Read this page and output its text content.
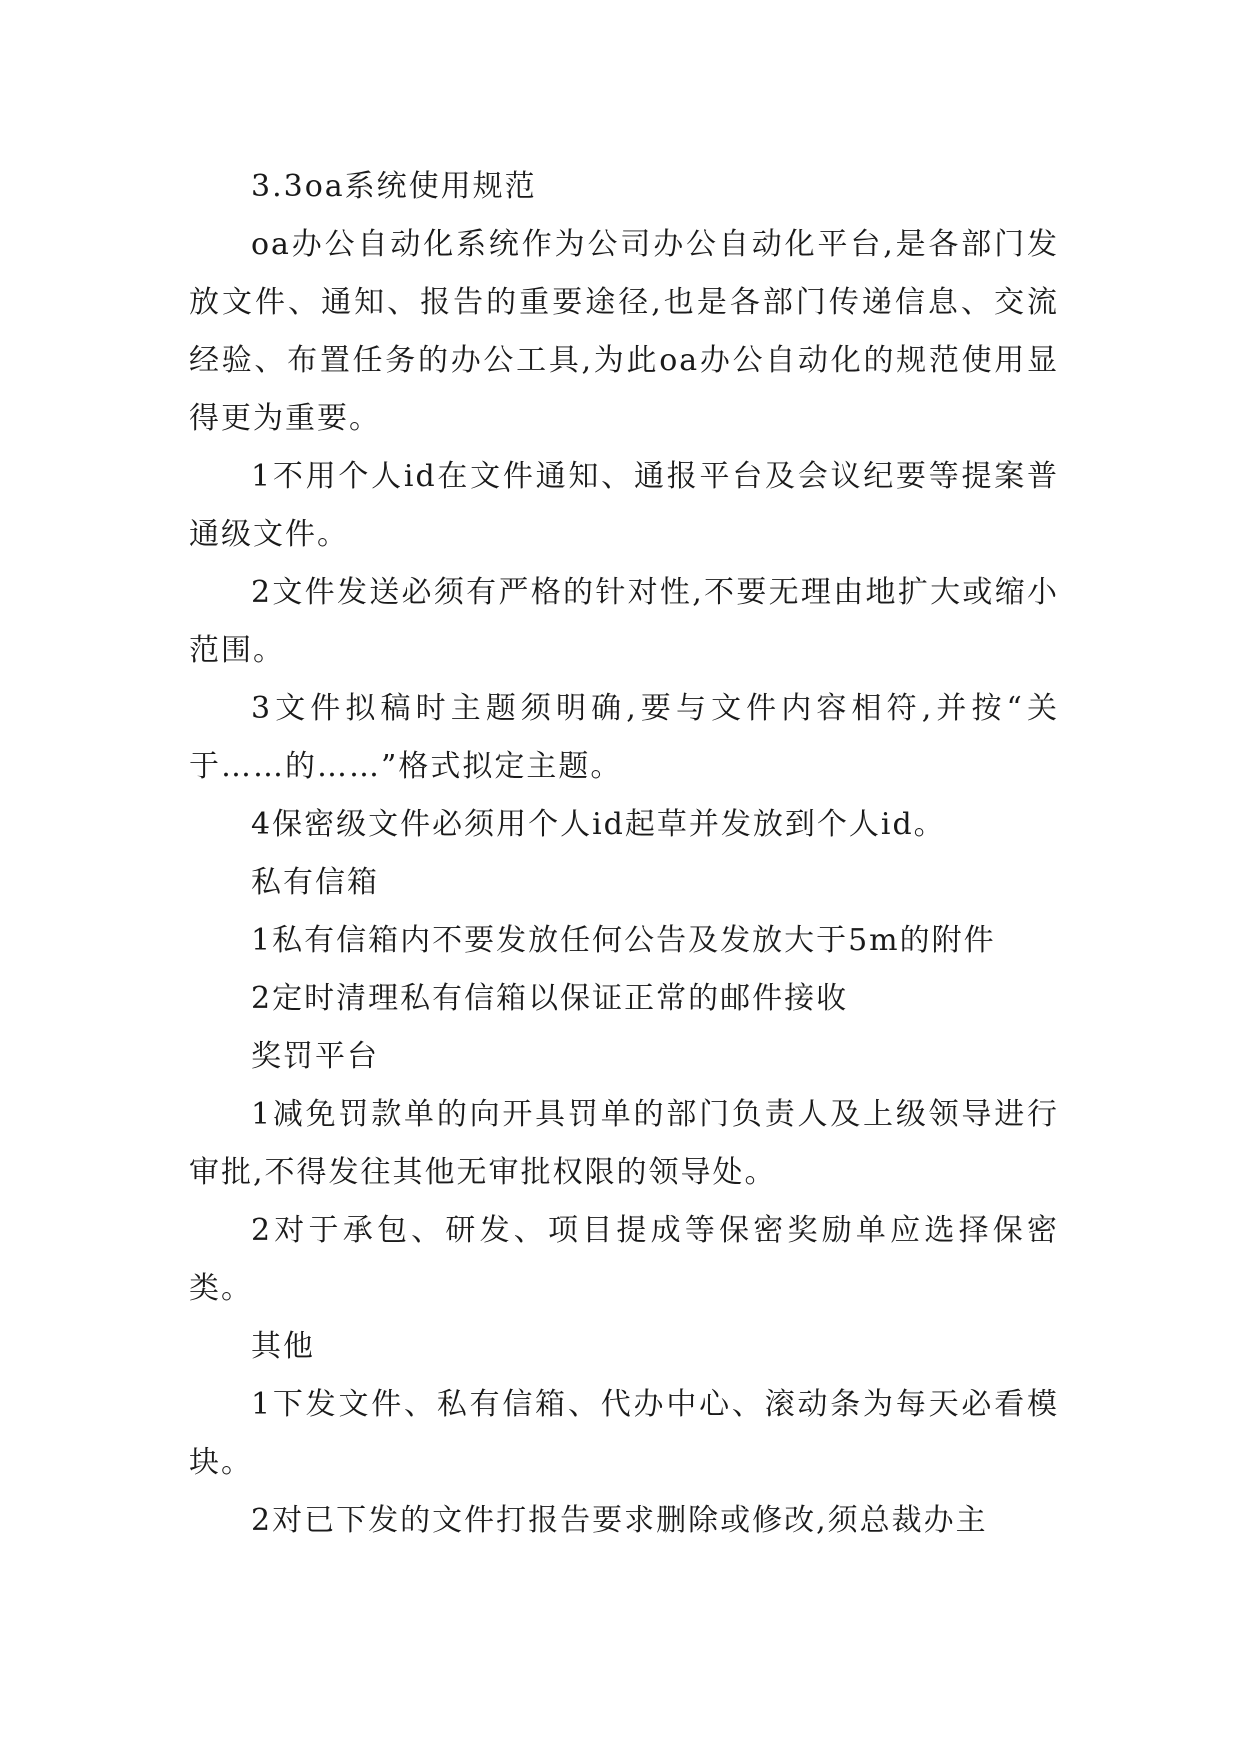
3.3oa系统使用规范

oa办公自动化系统作为公司办公自动化平台,是各部门发放文件、通知、报告的重要途径,也是各部门传递信息、交流经验、布置任务的办公工具,为此oa办公自动化的规范使用显得更为重要。

1不用个人id在文件通知、通报平台及会议纪要等提案普通级文件。

2文件发送必须有严格的针对性,不要无理由地扩大或缩小范围。

3文件拟稿时主题须明确,要与文件内容相符,并按“关于……的……”格式拟定主题。

4保密级文件必须用个人id起草并发放到个人id。

私有信箱

1私有信箱内不要发放任何公告及发放大于5m的附件

2定时清理私有信箱以保证正常的邮件接收

奖罚平台

1减免罚款单的向开具罚单的部门负责人及上级领导进行审批,不得发往其他无审批权限的领导处。

2对于承包、研发、项目提成等保密奖励单应选择保密类。

其他

1下发文件、私有信箱、代办中心、滚动条为每天必看模块。

2对已下发的文件打报告要求删除或修改,须总裁办主
